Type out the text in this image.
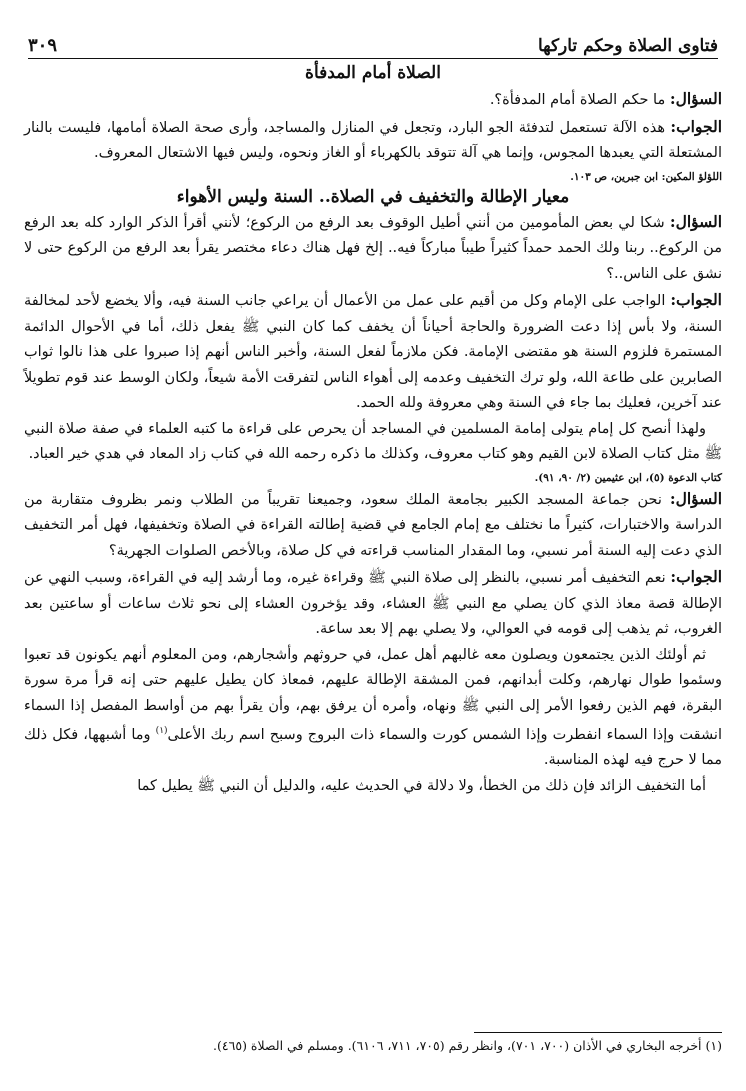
فتاوى الصلاة وحكم تاركها
٣٠٩
الصلاة أمام المدفأة

السؤال: ما حكم الصلاة أمام المدفأة؟.

الجواب: هذه الآلة تستعمل لتدفئة الجو البارد، وتجعل في المنازل والمساجد، وأرى صحة الصلاة أمامها، فليست بالنار المشتعلة التي يعبدها المجوس، وإنما هي آلة تتوقد بالكهرباء أو الغاز ونحوه، وليس فيها الاشتعال المعروف.

اللؤلؤ المكين: ابن جبرين، ص ١٠٣.
معيار الإطالة والتخفيف في الصلاة.. السنة وليس الأهواء

السؤال: شكا لي بعض المأمومين من أنني أطيل الوقوف بعد الرفع من الركوع؛ لأنني أقرأ الذكر الوارد كله بعد الرفع من الركوع.. ربنا ولك الحمد حمداً كثيراً طيباً مباركاً فيه.. إلخ فهل هناك دعاء مختصر يقرأ بعد الرفع من الركوع حتى لا نشق على الناس..؟

الجواب: الواجب على الإمام وكل من أقيم على عمل من الأعمال أن يراعي جانب السنة فيه، وألا يخضع لأحد لمخالفة السنة، ولا بأس إذا دعت الضرورة والحاجة أحياناً أن يخفف كما كان النبي ﷺ يفعل ذلك، أما في الأحوال الدائمة المستمرة فلزوم السنة هو مقتضى الإمامة. فكن ملازماً لفعل السنة، وأخبر الناس أنهم إذا صبروا على هذا نالوا ثواب الصابرين على طاعة الله، ولو ترك التخفيف وعدمه إلى أهواء الناس لتفرقت الأمة شيعاً، ولكان الوسط عند قوم تطويلاً عند آخرين، فعليك بما جاء في السنة وهي معروفة ولله الحمد.

ولهذا أنصح كل إمام يتولى إمامة المسلمين في المساجد أن يحرص على قراءة ما كتبه العلماء في صفة صلاة النبي ﷺ مثل كتاب الصلاة لابن القيم وهو كتاب معروف، وكذلك ما ذكره رحمه الله في كتاب زاد المعاد في هدي خير العباد.

كتاب الدعوة (٥)، ابن عثيمين (٢/ ٩٠، ٩١).

السؤال: نحن جماعة المسجد الكبير بجامعة الملك سعود، وجميعنا تقريباً من الطلاب ونمر بظروف متقاربة من الدراسة والاختبارات، كثيراً ما نختلف مع إمام الجامع في قضية إطالته القراءة في الصلاة وتخفيفها، فهل أمر التخفيف الذي دعت إليه السنة أمر نسبي، وما المقدار المناسب قراءته في كل صلاة، وبالأخص الصلوات الجهرية؟

الجواب: نعم التخفيف أمر نسبي، بالنظر إلى صلاة النبي ﷺ وقراءة غيره، وما أرشد إليه في القراءة، وسبب النهي عن الإطالة قصة معاذ الذي كان يصلي مع النبي ﷺ العشاء، وقد يؤخرون العشاء إلى نحو ثلاث ساعات أو ساعتين بعد الغروب، ثم يذهب إلى قومه في العوالي، ولا يصلي بهم إلا بعد ساعة.

ثم أولئك الذين يجتمعون ويصلون معه غالبهم أهل عمل، في حروثهم وأشجارهم، ومن المعلوم أنهم يكونون قد تعبوا وسئموا طوال نهارهم، وكلت أبدانهم، فمن المشقة الإطالة عليهم، فمعاذ كان يطيل عليهم حتى إنه قرأ مرة سورة البقرة، فهم الذين رفعوا الأمر إلى النبي ﷺ ونهاه، وأمره أن يرفق بهم، وأن يقرأ بهم من أواسط المفصل إذا السماء انشقت وإذا السماء انفطرت وإذا الشمس كورت والسماء ذات البروج وسبح اسم ربك الأعلى$^{(١)}$ وما أشبهها، فكل ذلك مما لا حرج فيه لهذه المناسبة.

أما التخفيف الزائد فإن ذلك من الخطأ، ولا دلالة في الحديث عليه، والدليل أن النبي ﷺ يطيل كما

(١) أخرجه البخاري في الأذان (٧٠٠، ٧٠١)، وانظر رقم (٧٠٥، ٧١١، ٦١٠٦). ومسلم في الصلاة (٤٦٥).
